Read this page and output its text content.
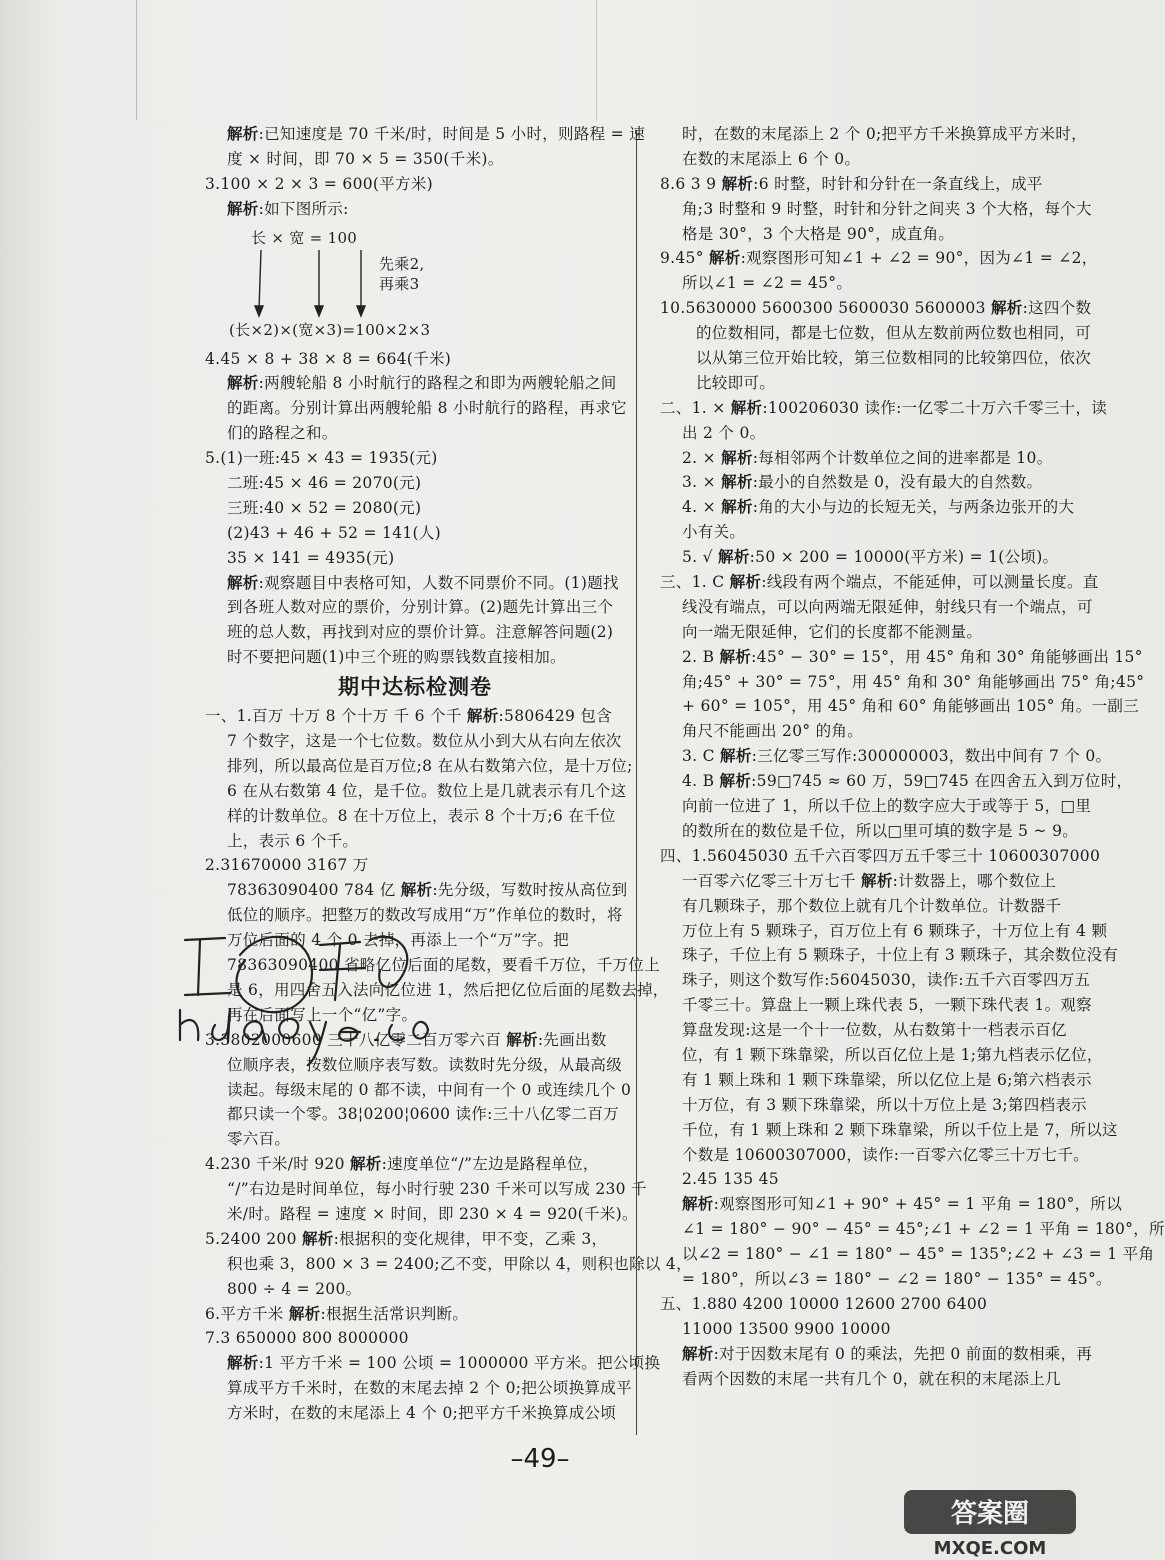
解析:已知速度是 70 千米/时，时间是 5 小时，则路程 = 速
度 × 时间，即 70 × 5 = 350(千米)。
3.100 × 2 × 3 = 600(平方米)
解析:如下图所示:
长 × 宽 = 100
先乘2,
再乘3
(长×2)×(宽×3)=100×2×3
4.45 × 8 + 38 × 8 = 664(千米)
解析:两艘轮船 8 小时航行的路程之和即为两艘轮船之间
的距离。分别计算出两艘轮船 8 小时航行的路程，再求它
们的路程之和。
5.(1)一班:45 × 43 = 1935(元)
二班:45 × 46 = 2070(元)
三班:40 × 52 = 2080(元)
(2)43 + 46 + 52 = 141(人)
35 × 141 = 4935(元)
解析:观察题目中表格可知，人数不同票价不同。(1)题找
到各班人数对应的票价，分别计算。(2)题先计算出三个
班的总人数，再找到对应的票价计算。注意解答问题(2)
时不要把问题(1)中三个班的购票钱数直接相加。
期中达标检测卷
一、1.百万 十万 8 个十万 千 6 个千 解析:5806429 包含
7 个数字，这是一个七位数。数位从小到大从右向左依次
排列，所以最高位是百万位;8 在从右数第六位，是十万位;
6 在从右数第 4 位，是千位。数位上是几就表示有几个这
样的计数单位。8 在十万位上，表示 8 个十万;6 在千位
上，表示 6 个千。
2.31670000 3167 万
78363090400 784 亿 解析:先分级，写数时按从高位到
低位的顺序。把整万的数改写成用“万”作单位的数时，将
万位后面的 4 个 0 去掉，再添上一个“万”字。把
78363090400 省略亿位后面的尾数，要看千万位，千万位上
是 6，用四舍五入法向亿位进 1，然后把亿位后面的尾数去掉，
再在后面写上一个“亿”字。
3.3802000600 三十八亿零二百万零六百 解析:先画出数
位顺序表，按数位顺序表写数。读数时先分级，从最高级
读起。每级末尾的 0 都不读，中间有一个 0 或连续几个 0
都只读一个零。38¦0200¦0600 读作:三十八亿零二百万
零六百。
4.230 千米/时 920 解析:速度单位“/”左边是路程单位，
“/”右边是时间单位，每小时行驶 230 千米可以写成 230 千
米/时。路程 = 速度 × 时间，即 230 × 4 = 920(千米)。
5.2400 200 解析:根据积的变化规律，甲不变，乙乘 3，
积也乘 3，800 × 3 = 2400;乙不变，甲除以 4，则积也除以 4，
800 ÷ 4 = 200。
6.平方千米 解析:根据生活常识判断。
7.3 650000 800 8000000
解析:1 平方千米 = 100 公顷 = 1000000 平方米。把公顷换
算成平方千米时，在数的末尾去掉 2 个 0;把公顷换算成平
方米时，在数的末尾添上 4 个 0;把平方千米换算成公顷
时，在数的末尾添上 2 个 0;把平方千米换算成平方米时，
在数的末尾添上 6 个 0。
8.6 3 9 解析:6 时整，时针和分针在一条直线上，成平
角;3 时整和 9 时整，时针和分针之间夹 3 个大格，每个大
格是 30°，3 个大格是 90°，成直角。
9.45° 解析:观察图形可知∠1 + ∠2 = 90°，因为∠1 = ∠2，
所以∠1 = ∠2 = 45°。
10.5630000 5600300 5600030 5600003 解析:这四个数
的位数相同，都是七位数，但从左数前两位数也相同，可
以从第三位开始比较，第三位数相同的比较第四位，依次
比较即可。
二、1. × 解析:100206030 读作:一亿零二十万六千零三十，读
出 2 个 0。
2. × 解析:每相邻两个计数单位之间的进率都是 10。
3. × 解析:最小的自然数是 0，没有最大的自然数。
4. × 解析:角的大小与边的长短无关，与两条边张开的大
小有关。
5. √ 解析:50 × 200 = 10000(平方米) = 1(公顷)。
三、1. C 解析:线段有两个端点，不能延伸，可以测量长度。直
线没有端点，可以向两端无限延伸，射线只有一个端点，可
向一端无限延伸，它们的长度都不能测量。
2. B 解析:45° − 30° = 15°，用 45° 角和 30° 角能够画出 15°
角;45° + 30° = 75°，用 45° 角和 30° 角能够画出 75° 角;45°
+ 60° = 105°，用 45° 角和 60° 角能够画出 105° 角。一副三
角尺不能画出 20° 的角。
3. C 解析:三亿零三写作:300000003，数出中间有 7 个 0。
4. B 解析:59□745 ≈ 60 万，59□745 在四舍五入到万位时，
向前一位进了 1，所以千位上的数字应大于或等于 5，□里
的数所在的数位是千位，所以□里可填的数字是 5 ~ 9。
四、1.56045030 五千六百零四万五千零三十 10600307000
一百零六亿零三十万七千 解析:计数器上，哪个数位上
有几颗珠子，那个数位上就有几个计数单位。计数器千
万位上有 5 颗珠子，百万位上有 6 颗珠子，十万位上有 4 颗
珠子，千位上有 5 颗珠子，十位上有 3 颗珠子，其余数位没有
珠子，则这个数写作:56045030，读作:五千六百零四万五
千零三十。算盘上一颗上珠代表 5，一颗下珠代表 1。观察
算盘发现:这是一个十一位数，从右数第十一档表示百亿
位，有 1 颗下珠靠梁，所以百亿位上是 1;第九档表示亿位，
有 1 颗上珠和 1 颗下珠靠梁，所以亿位上是 6;第六档表示
十万位，有 3 颗下珠靠梁，所以十万位上是 3;第四档表示
千位，有 1 颗上珠和 2 颗下珠靠梁，所以千位上是 7，所以这
个数是 10600307000，读作:一百零六亿零三十万七千。
2.45 135 45
解析:观察图形可知∠1 + 90° + 45° = 1 平角 = 180°，所以
∠1 = 180° − 90° − 45° = 45°;∠1 + ∠2 = 1 平角 = 180°，所
以∠2 = 180° − ∠1 = 180° − 45° = 135°;∠2 + ∠3 = 1 平角
= 180°，所以∠3 = 180° − ∠2 = 180° − 135° = 45°。
五、1.880 4200 10000 12600 2700 6400
11000 13500 9900 10000
解析:对于因数末尾有 0 的乘法，先把 0 前面的数相乘，再
看两个因数的末尾一共有几个 0，就在积的末尾添上几
–49–
答案圈
MXQE.COM
